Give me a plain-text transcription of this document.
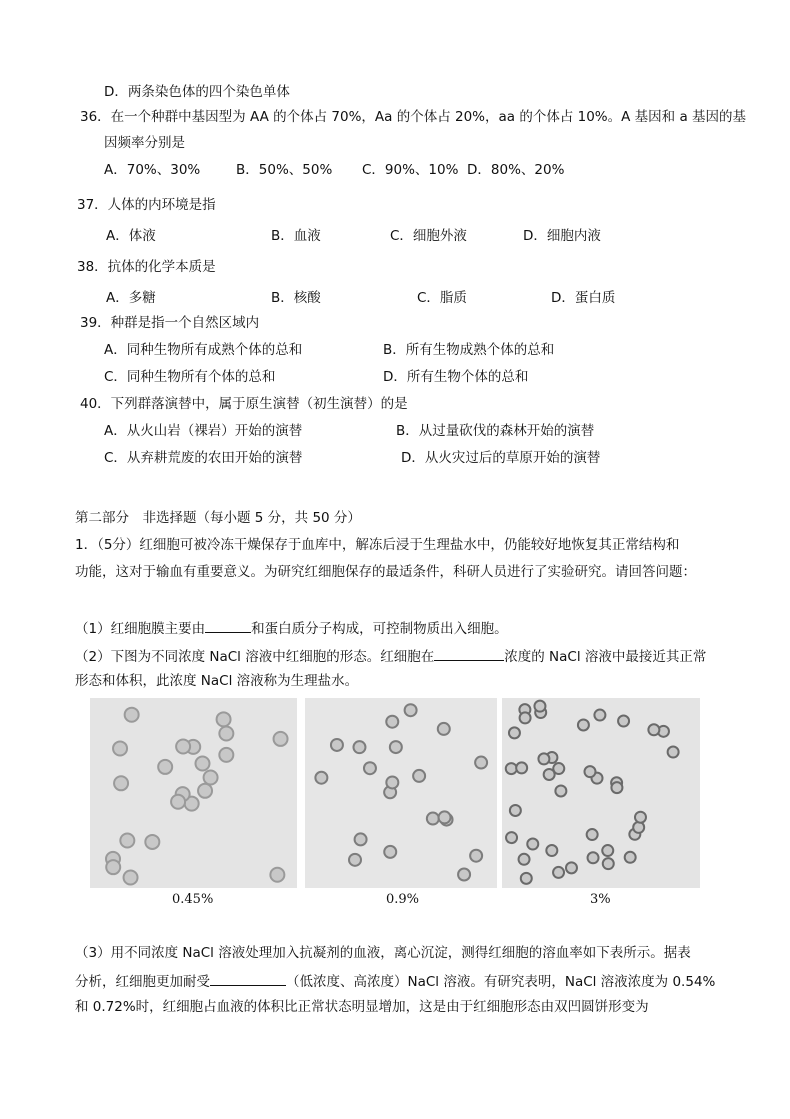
D．两条染色体的四个染色单体
36．在一个种群中基因型为 AA 的个体占 70%，Aa 的个体占 20%，aa 的个体占 10%。A 基因和 a 基因的基
因频率分别是
A．70%、30%	B．50%、50% C．90%、10% D．80%、20%
37．人体的内环境是指
A．体液	B．血液	C．细胞外液	D．细胞内液
38．抗体的化学本质是
A．多糖	B．核酸	C．脂质	D．蛋白质
39．种群是指一个自然区域内
A．同种生物所有成熟个体的总和	B．所有生物成熟个体的总和
C．同种生物所有个体的总和	D．所有生物个体的总和
40．下列群落演替中，属于原生演替（初生演替）的是
A．从火山岩（裸岩）开始的演替	B．从过量砍伐的森林开始的演替
C．从弃耕荒废的农田开始的演替	D．从火灾过后的草原开始的演替
第二部分　非选择题（每小题 5 分，共 50 分）
1．（5分）红细胞可被冷冻干燥保存于血库中，解冻后浸于生理盐水中，仍能较好地恢复其正常结构和
功能，这对于输血有重要意义。为研究红细胞保存的最适条件，科研人员进行了实验研究。请回答问题：
（1）红细胞膜主要由	和蛋白质分子构成，可控制物质出入细胞。
（2）下图为不同浓度 NaCl 溶液中红细胞的形态。红细胞在	浓度的 NaCl 溶液中最接近其正常
形态和体积，此浓度 NaCl 溶液称为生理盐水。
0.45%	0.9%	3%
（3）用不同浓度 NaCl 溶液处理加入抗凝剂的血液，离心沉淀，测得红细胞的溶血率如下表所示。据表
分析，红细胞更加耐受	（低浓度、高浓度）NaCl 溶液。有研究表明，NaCl 溶液浓度为 0.54%
和 0.72%时，红细胞占血液的体积比正常状态明显增加，这是由于红细胞形态由双凹圆饼形变为
